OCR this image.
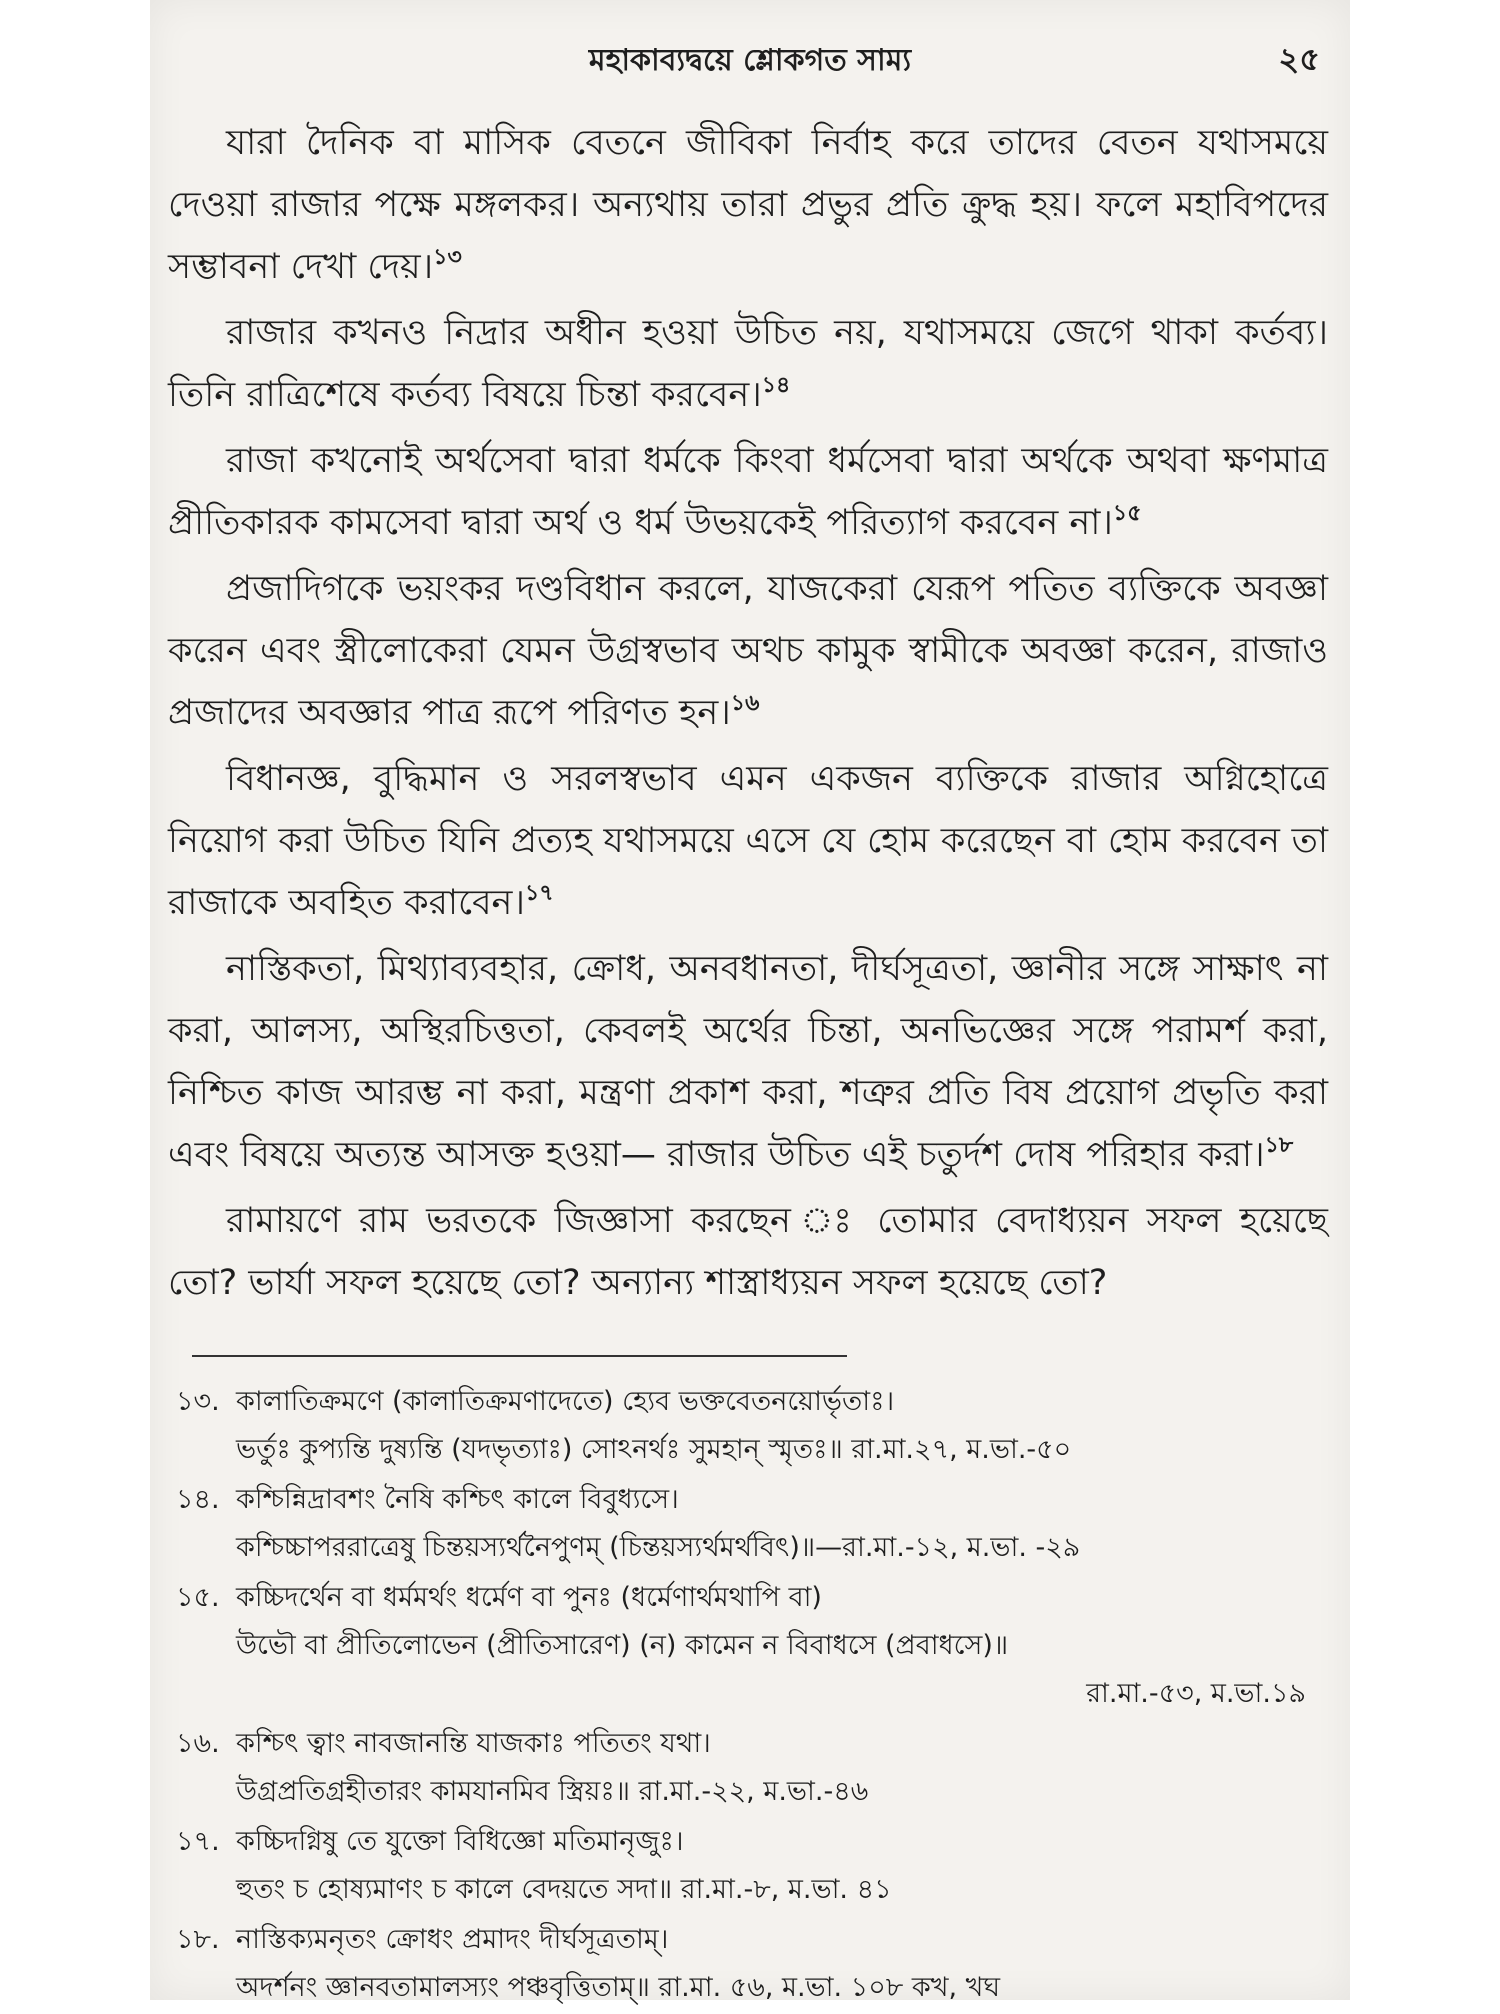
মহাকাব্যদ্বয়ে শ্লোকগত সাম্য	২৫

যারা দৈনিক বা মাসিক বেতনে জীবিকা নির্বাহ করে তাদের বেতন যথাসময়ে দেওয়া রাজার পক্ষে মঙ্গলকর। অন্যথায় তারা প্রভুর প্রতি ক্রুদ্ধ হয়। ফলে মহাবিপদের সম্ভাবনা দেখা দেয়।$^{১৩}$

রাজার কখনও নিদ্রার অধীন হওয়া উচিত নয়, যথাসময়ে জেগে থাকা কর্তব্য। তিনি রাত্রিশেষে কর্তব্য বিষয়ে চিন্তা করবেন।$^{১৪}$

রাজা কখনোই অর্থসেবা দ্বারা ধর্মকে কিংবা ধর্মসেবা দ্বারা অর্থকে অথবা ক্ষণমাত্র প্রীতিকারক কামসেবা দ্বারা অর্থ ও ধর্ম উভয়কেই পরিত্যাগ করবেন না।$^{১৫}$

প্রজাদিগকে ভয়ংকর দণ্ডবিধান করলে, যাজকেরা যেরূপ পতিত ব্যক্তিকে অবজ্ঞা করেন এবং স্ত্রীলোকেরা যেমন উগ্রস্বভাব অথচ কামুক স্বামীকে অবজ্ঞা করেন, রাজাও প্রজাদের অবজ্ঞার পাত্র রূপে পরিণত হন।$^{১৬}$

বিধানজ্ঞ, বুদ্ধিমান ও সরলস্বভাব এমন একজন ব্যক্তিকে রাজার অগ্নিহোত্রে নিয়োগ করা উচিত যিনি প্রত্যহ যথাসময়ে এসে যে হোম করেছেন বা হোম করবেন তা রাজাকে অবহিত করাবেন।$^{১৭}$

নাস্তিকতা, মিথ্যাব্যবহার, ক্রোধ, অনবধানতা, দীর্ঘসূত্রতা, জ্ঞানীর সঙ্গে সাক্ষাৎ না করা, আলস্য, অস্থিরচিত্ততা, কেবলই অর্থের চিন্তা, অনভিজ্ঞের সঙ্গে পরামর্শ করা, নিশ্চিত কাজ আরম্ভ না করা, মন্ত্রণা প্রকাশ করা, শত্রুর প্রতি বিষ প্রয়োগ প্রভৃতি করা এবং বিষয়ে অত্যন্ত আসক্ত হওয়া— রাজার উচিত এই চতুর্দশ দোষ পরিহার করা।$^{১৮}$

রামায়ণে রাম ভরতকে জিজ্ঞাসা করছেন ঃ তোমার বেদাধ্যয়ন সফল হয়েছে তো? ভার্যা সফল হয়েছে তো? অন্যান্য শাস্ত্রাধ্যয়ন সফল হয়েছে তো?

১৩. কালাতিক্রমণে (কালাতিক্রমণাদেতে) হ্যেব ভক্তবেতনয়োর্ভৃতাঃ।
ভর্তুঃ কুপ্যন্তি দুষ্যন্তি (যদভৃত্যাঃ) সোঽনর্থঃ সুমহান্ স্মৃতঃ॥ রা.মা.২৭, ম.ভা.-৫০
১৪. কশ্চিন্নিদ্রাবশং নৈষি কশ্চিৎ কালে বিবুধ্যসে।
কশ্চিচ্চাপররাত্রেষু চিন্তয়স্যর্থনৈপুণম্ (চিন্তয়স্যর্থমর্থবিৎ)॥—রা.মা.-১২, ম.ভা. -২৯
১৫. কচ্চিদর্থেন বা ধর্মমর্থং ধর্মেণ বা পুনঃ (ধর্মেণার্থমথাপি বা)
উভৌ বা প্রীতিলোভেন (প্রীতিসারেণ) (ন) কামেন ন বিবাধসে (প্রবাধসে)॥
রা.মা.-৫৩, ম.ভা.১৯
১৬. কশ্চিৎ ত্বাং নাবজানন্তি যাজকাঃ পতিতং যথা।
উগ্রপ্রতিগ্রহীতারং কামযানমিব স্ত্রিয়ঃ॥ রা.মা.-২২, ম.ভা.-৪৬
১৭. কচ্চিদগ্নিষু তে যুক্তো বিধিজ্ঞো মতিমানৃজুঃ।
হুতং চ হোষ্যমাণং চ কালে বেদয়তে সদা॥ রা.মা.-৮, ম.ভা. ৪১
১৮. নাস্তিক্যমনৃতং ক্রোধং প্রমাদং দীর্ঘসূত্রতাম্।
অদর্শনং জ্ঞানবতামালস্যং পঞ্চবৃত্তিতাম্॥ রা.মা. ৫৬, ম.ভা. ১০৮ কখ, খঘ
